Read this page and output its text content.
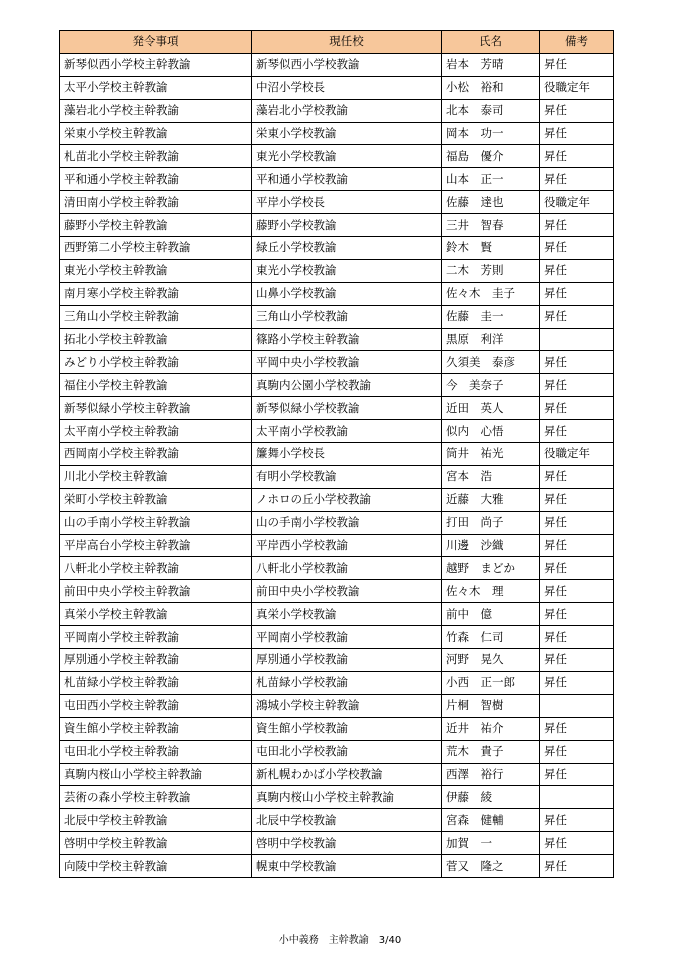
発令事項	現任校	氏名	備考
新琴似西小学校主幹教諭	新琴似西小学校教諭	岩本　芳晴	昇任
太平小学校主幹教諭	中沼小学校長	小松　裕和	役職定年
藻岩北小学校主幹教諭	藻岩北小学校教諭	北本　泰司	昇任
栄東小学校主幹教諭	栄東小学校教諭	岡本　功一	昇任
札苗北小学校主幹教諭	東光小学校教諭	福島　優介	昇任
平和通小学校主幹教諭	平和通小学校教諭	山本　正一	昇任
清田南小学校主幹教諭	平岸小学校長	佐藤　達也	役職定年
藤野小学校主幹教諭	藤野小学校教諭	三井　智春	昇任
西野第二小学校主幹教諭	緑丘小学校教諭	鈴木　賢	昇任
東光小学校主幹教諭	東光小学校教諭	二木　芳則	昇任
南月寒小学校主幹教諭	山鼻小学校教諭	佐々木　圭子	昇任
三角山小学校主幹教諭	三角山小学校教諭	佐藤　圭一	昇任
拓北小学校主幹教諭	篠路小学校主幹教諭	黒原　利洋	
みどり小学校主幹教諭	平岡中央小学校教諭	久須美　泰彦	昇任
福住小学校主幹教諭	真駒内公園小学校教諭	今　美奈子	昇任
新琴似緑小学校主幹教諭	新琴似緑小学校教諭	近田　英人	昇任
太平南小学校主幹教諭	太平南小学校教諭	似内　心悟	昇任
西岡南小学校主幹教諭	簾舞小学校長	筒井　祐光	役職定年
川北小学校主幹教諭	有明小学校教諭	宮本　浩	昇任
栄町小学校主幹教諭	ノホロの丘小学校教諭	近藤　大雅	昇任
山の手南小学校主幹教諭	山の手南小学校教諭	打田　尚子	昇任
平岸高台小学校主幹教諭	平岸西小学校教諭	川邊　沙織	昇任
八軒北小学校主幹教諭	八軒北小学校教諭	越野　まどか	昇任
前田中央小学校主幹教諭	前田中央小学校教諭	佐々木　理	昇任
真栄小学校主幹教諭	真栄小学校教諭	前中　億	昇任
平岡南小学校主幹教諭	平岡南小学校教諭	竹森　仁司	昇任
厚別通小学校主幹教諭	厚別通小学校教諭	河野　晃久	昇任
札苗緑小学校主幹教諭	札苗緑小学校教諭	小西　正一郎	昇任
屯田西小学校主幹教諭	鴻城小学校主幹教諭	片桐　智樹	
資生館小学校主幹教諭	資生館小学校教諭	近井　祐介	昇任
屯田北小学校主幹教諭	屯田北小学校教諭	荒木　貴子	昇任
真駒内桜山小学校主幹教諭	新札幌わかば小学校教諭	西澤　裕行	昇任
芸術の森小学校主幹教諭	真駒内桜山小学校主幹教諭	伊藤　綾	
北辰中学校主幹教諭	北辰中学校教諭	宮森　健輔	昇任
啓明中学校主幹教諭	啓明中学校教諭	加賀　一	昇任
向陵中学校主幹教諭	幌東中学校教諭	菅又　隆之	昇任
小中義務　主幹教諭　3/40
